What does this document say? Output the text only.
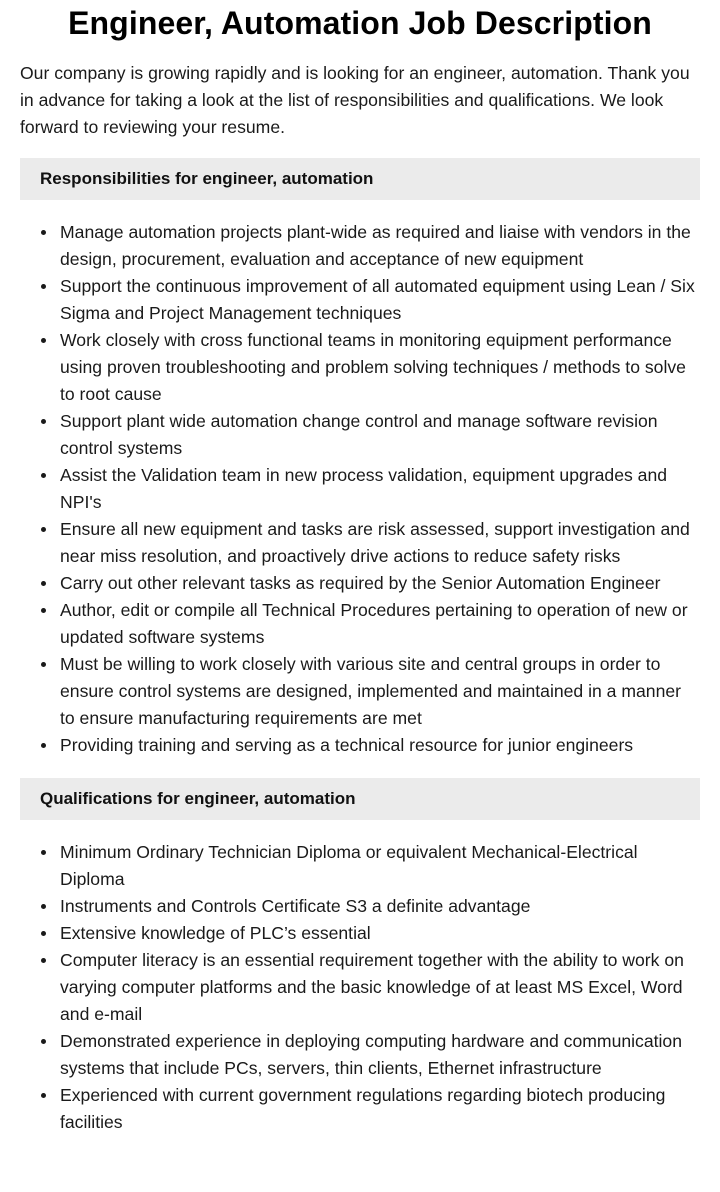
Engineer, Automation Job Description

Our company is growing rapidly and is looking for an engineer, automation. Thank you in advance for taking a look at the list of responsibilities and qualifications. We look forward to reviewing your resume.

Responsibilities for engineer, automation
Manage automation projects plant-wide as required and liaise with vendors in the design, procurement, evaluation and acceptance of new equipment
Support the continuous improvement of all automated equipment using Lean / Six Sigma and Project Management techniques
Work closely with cross functional teams in monitoring equipment performance using proven troubleshooting and problem solving techniques / methods to solve to root cause
Support plant wide automation change control and manage software revision control systems
Assist the Validation team in new process validation, equipment upgrades and NPI's
Ensure all new equipment and tasks are risk assessed, support investigation and near miss resolution, and proactively drive actions to reduce safety risks
Carry out other relevant tasks as required by the Senior Automation Engineer
Author, edit or compile all Technical Procedures pertaining to operation of new or updated software systems
Must be willing to work closely with various site and central groups in order to ensure control systems are designed, implemented and maintained in a manner to ensure manufacturing requirements are met
Providing training and serving as a technical resource for junior engineers
Qualifications for engineer, automation
Minimum Ordinary Technician Diploma or equivalent Mechanical-Electrical Diploma
Instruments and Controls Certificate S3 a definite advantage
Extensive knowledge of PLC’s essential
Computer literacy is an essential requirement together with the ability to work on varying computer platforms and the basic knowledge of at least MS Excel, Word and e-mail
Demonstrated experience in deploying computing hardware and communication systems that include PCs, servers, thin clients, Ethernet infrastructure
Experienced with current government regulations regarding biotech producing facilities
